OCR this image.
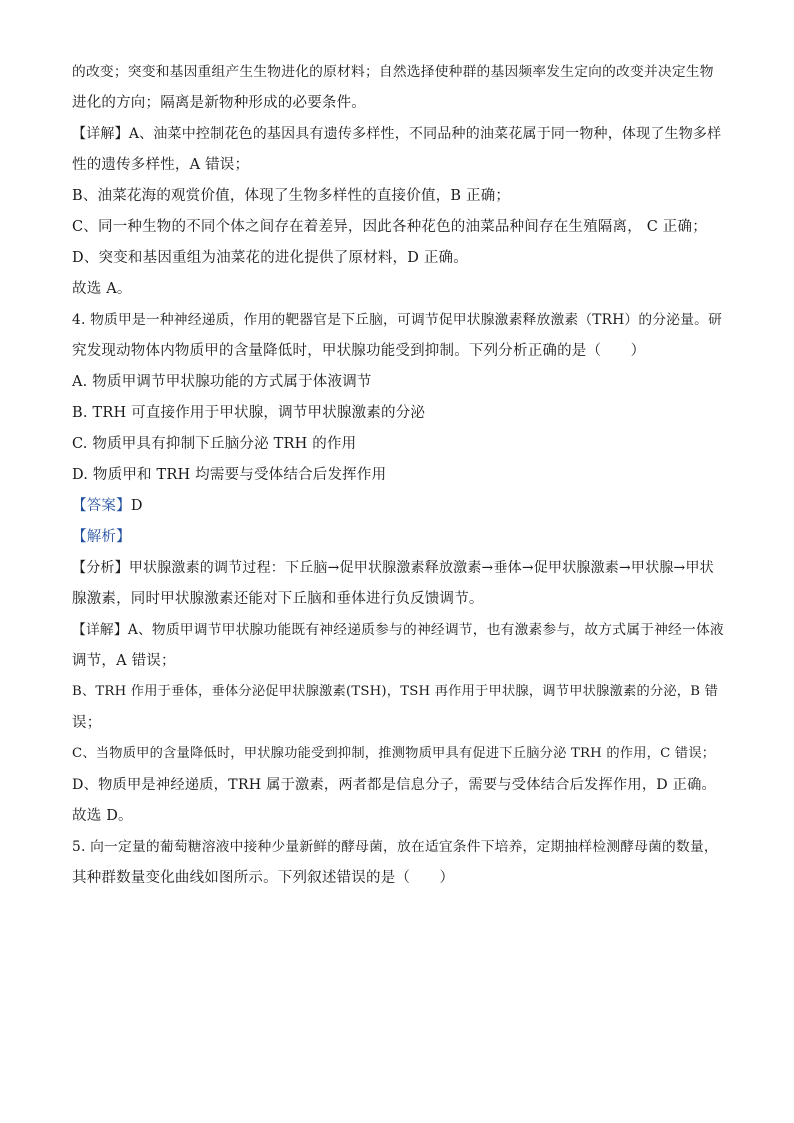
的改变；突变和基因重组产生生物进化的原材料；自然选择使种群的基因频率发生定向的改变并决定生物
进化的方向；隔离是新物种形成的必要条件。
【详解】A、油菜中控制花色的基因具有遗传多样性，不同品种的油菜花属于同一物种，体现了生物多样
性的遗传多样性，A 错误；
B、油菜花海的观赏价值，体现了生物多样性的直接价值，B 正确；
C、同一种生物的不同个体之间存在着差异，因此各种花色的油菜品种间存在生殖隔离， C 正确；
D、突变和基因重组为油菜花的进化提供了原材料，D 正确。
故选 A。
4. 物质甲是一种神经递质，作用的靶器官是下丘脑，可调节促甲状腺激素释放激素（TRH）的分泌量。研
究发现动物体内物质甲的含量降低时，甲状腺功能受到抑制。下列分析正确的是（　　）
A. 物质甲调节甲状腺功能的方式属于体液调节
B. TRH 可直接作用于甲状腺，调节甲状腺激素的分泌
C. 物质甲具有抑制下丘脑分泌 TRH 的作用
D. 物质甲和 TRH 均需要与受体结合后发挥作用
【答案】D
【解析】
【分析】甲状腺激素的调节过程：下丘脑→促甲状腺激素释放激素→垂体→促甲状腺激素→甲状腺→甲状
腺激素，同时甲状腺激素还能对下丘脑和垂体进行负反馈调节。
【详解】A、物质甲调节甲状腺功能既有神经递质参与的神经调节，也有激素参与，故方式属于神经一体液
调节，A 错误；
B、TRH 作用于垂体，垂体分泌促甲状腺激素(TSH)，TSH 再作用于甲状腺，调节甲状腺激素的分泌，B 错
误；
C、当物质甲的含量降低时，甲状腺功能受到抑制，推测物质甲具有促进下丘脑分泌 TRH 的作用，C 错误；
D、物质甲是神经递质，TRH 属于激素，两者都是信息分子，需要与受体结合后发挥作用，D 正确。
故选 D。
5. 向一定量的葡萄糖溶液中接种少量新鲜的酵母菌，放在适宜条件下培养，定期抽样检测酵母菌的数量，
其种群数量变化曲线如图所示。下列叙述错误的是（　　）
